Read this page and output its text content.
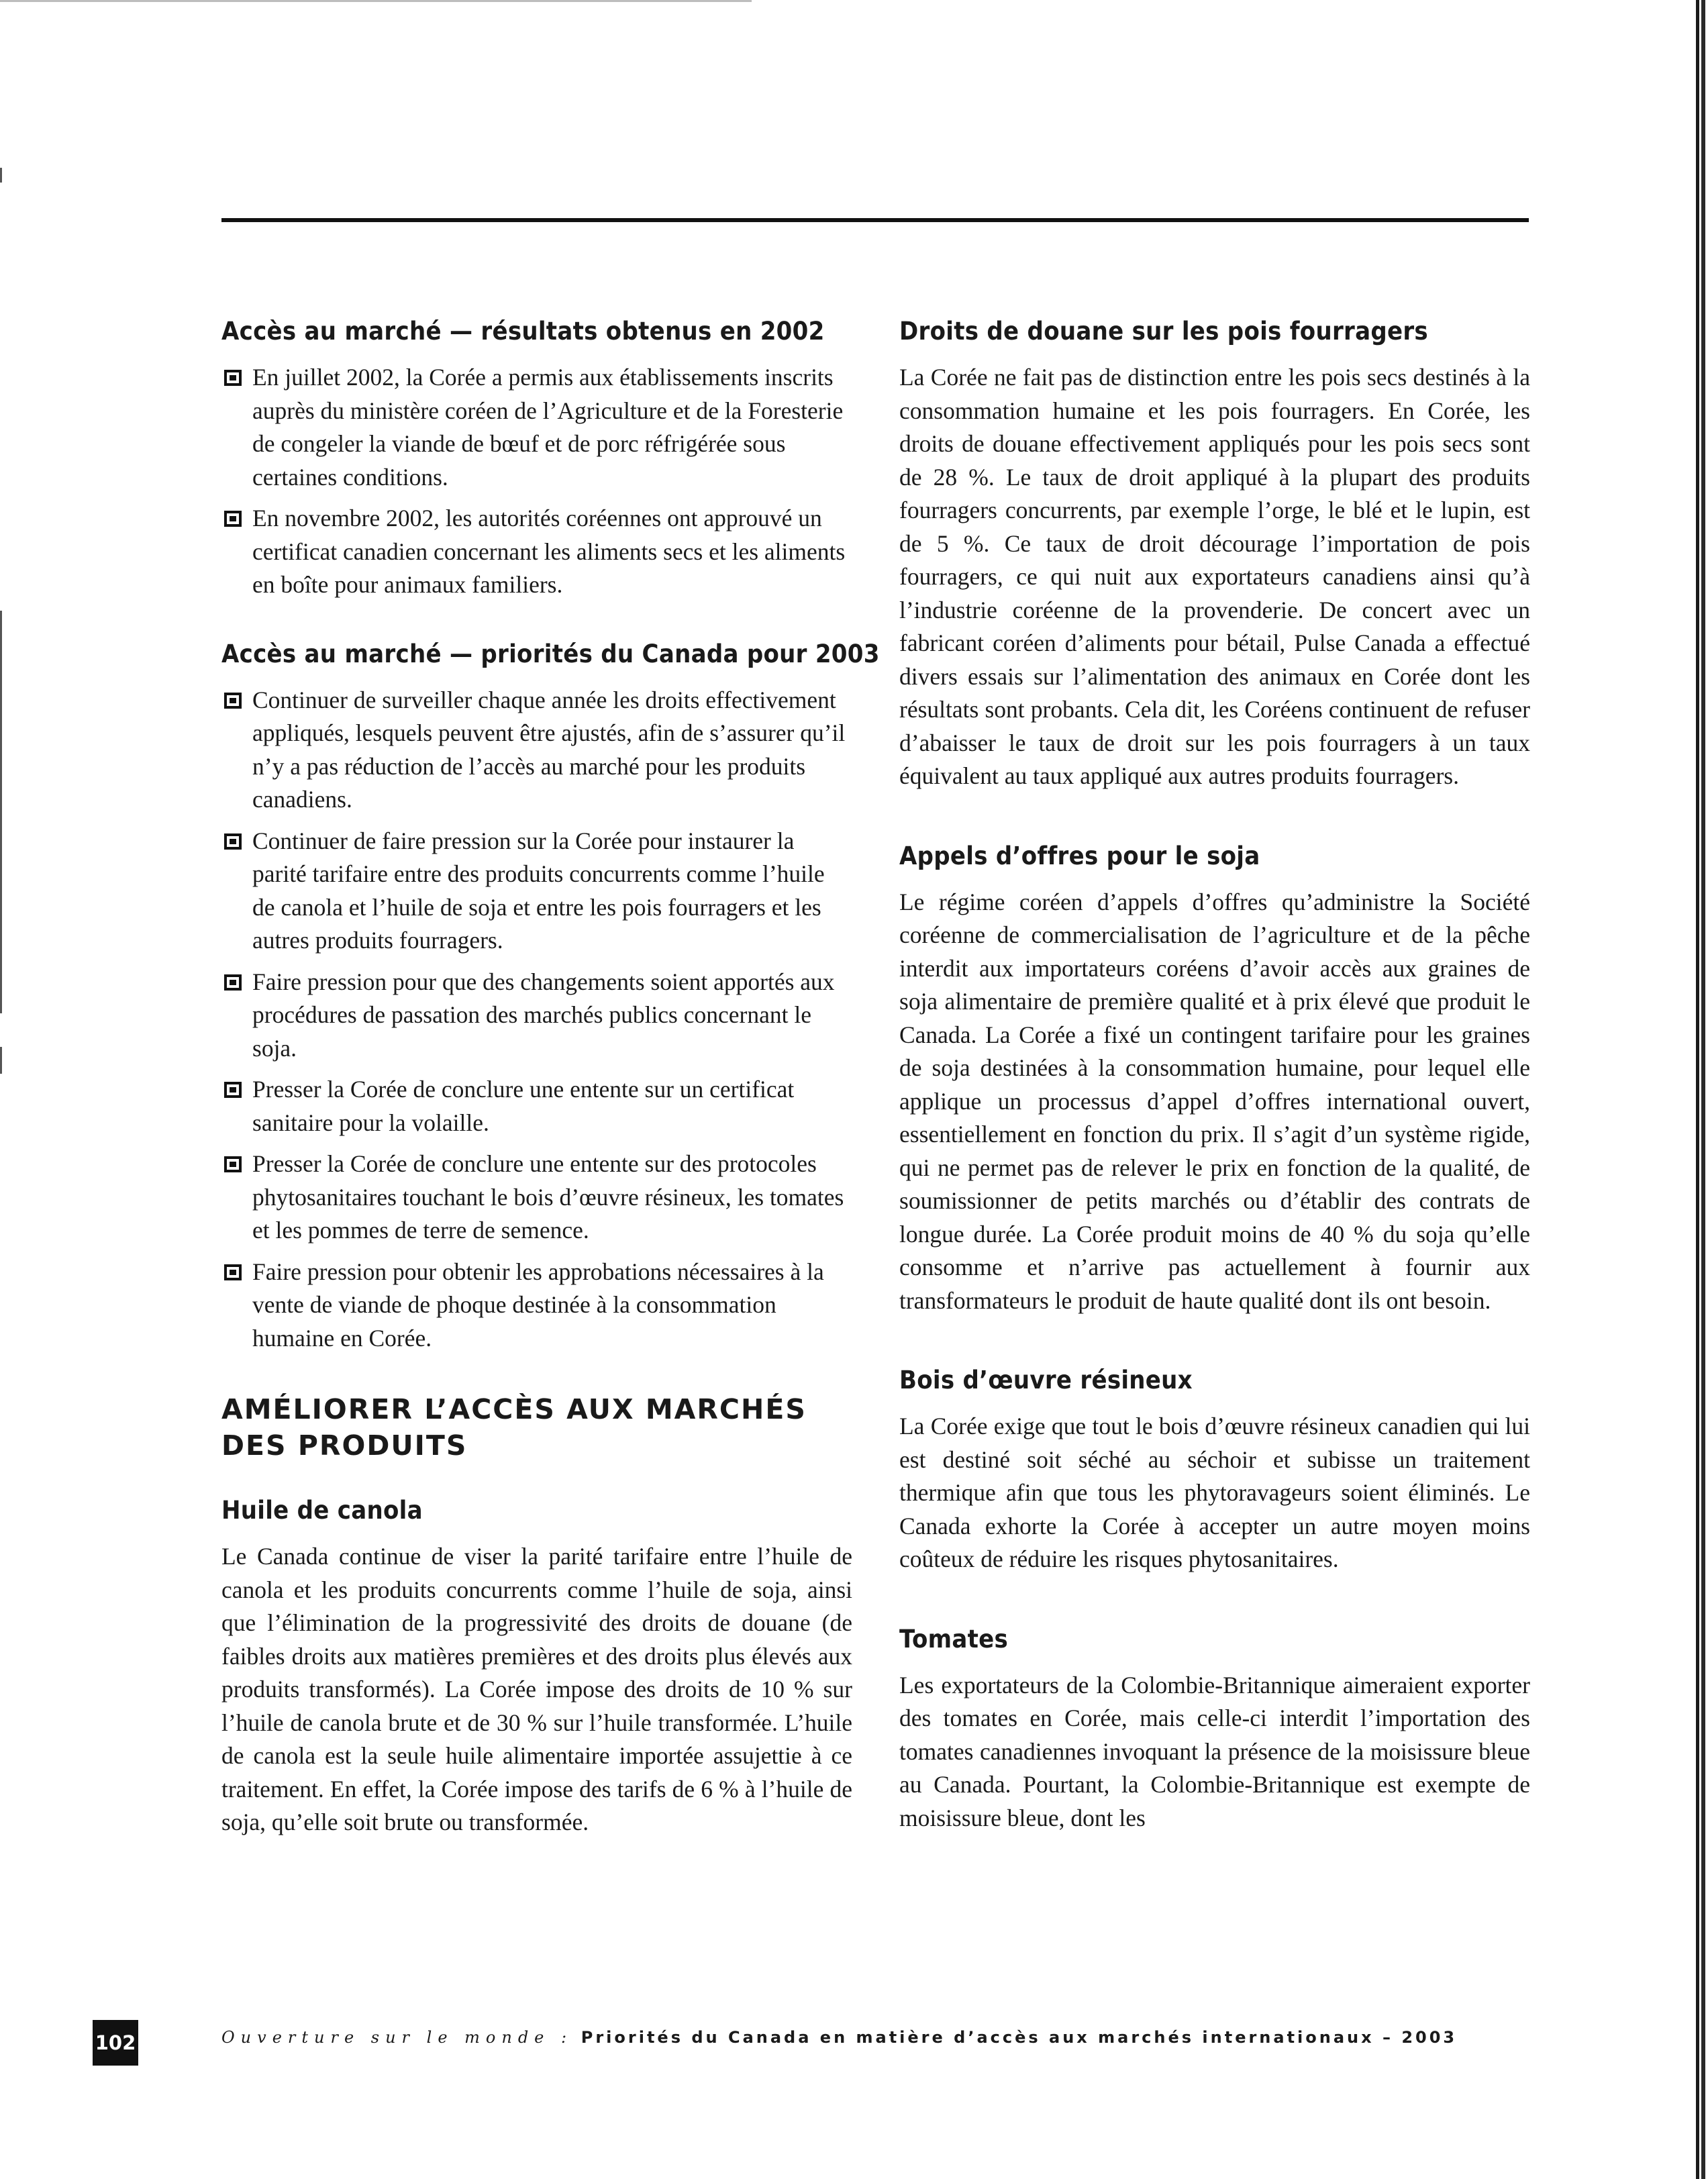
Accès au marché — résultats obtenus en 2002
En juillet 2002, la Corée a permis aux établissements inscrits auprès du ministère coréen de l’Agriculture et de la Foresterie de congeler la viande de bœuf et de porc réfrigérée sous certaines conditions.
En novembre 2002, les autorités coréennes ont approuvé un certificat canadien concernant les aliments secs et les aliments en boîte pour animaux familiers.
Accès au marché — priorités du Canada pour 2003
Continuer de surveiller chaque année les droits effectivement appliqués, lesquels peuvent être ajustés, afin de s’assurer qu’il n’y a pas réduction de l’accès au marché pour les produits canadiens.
Continuer de faire pression sur la Corée pour instaurer la parité tarifaire entre des produits concurrents comme l’huile de canola et l’huile de soja et entre les pois fourragers et les autres produits fourragers.
Faire pression pour que des changements soient apportés aux procédures de passation des marchés publics concernant le soja.
Presser la Corée de conclure une entente sur un certificat sanitaire pour la volaille.
Presser la Corée de conclure une entente sur des protocoles phytosanitaires touchant le bois d’œuvre résineux, les tomates et les pommes de terre de semence.
Faire pression pour obtenir les approbations nécessaires à la vente de viande de phoque destinée à la consommation humaine en Corée.
AMÉLIORER L’ACCÈS AUX MARCHÉS
DES PRODUITS
Huile de canola

Le Canada continue de viser la parité tarifaire entre l’huile de canola et les produits concurrents comme l’huile de soja, ainsi que l’élimination de la progressivité des droits de douane (de faibles droits aux matières premières et des droits plus élevés aux produits transformés). La Corée impose des droits de 10 % sur l’huile de canola brute et de 30 % sur l’huile transformée. L’huile de canola est la seule huile alimentaire importée assujettie à ce traitement. En effet, la Corée impose des tarifs de 6 % à l’huile de soja, qu’elle soit brute ou transformée.

Droits de douane sur les pois fourragers

La Corée ne fait pas de distinction entre les pois secs destinés à la consommation humaine et les pois fourragers. En Corée, les droits de douane effectivement appliqués pour les pois secs sont de 28 %. Le taux de droit appliqué à la plupart des produits fourragers concurrents, par exemple l’orge, le blé et le lupin, est de 5 %. Ce taux de droit décourage l’importation de pois fourragers, ce qui nuit aux exportateurs canadiens ainsi qu’à l’industrie coréenne de la provenderie. De concert avec un fabricant coréen d’aliments pour bétail, Pulse Canada a effectué divers essais sur l’alimentation des animaux en Corée dont les résultats sont probants. Cela dit, les Coréens continuent de refuser d’abaisser le taux de droit sur les pois fourragers à un taux équivalent au taux appliqué aux autres produits fourragers.

Appels d’offres pour le soja

Le régime coréen d’appels d’offres qu’administre la Société coréenne de commercialisation de l’agriculture et de la pêche interdit aux importateurs coréens d’avoir accès aux graines de soja alimentaire de première qualité et à prix élevé que produit le Canada. La Corée a fixé un contingent tarifaire pour les graines de soja destinées à la consommation humaine, pour lequel elle applique un processus d’appel d’offres international ouvert, essentiellement en fonction du prix. Il s’agit d’un système rigide, qui ne permet pas de relever le prix en fonction de la qualité, de soumissionner de petits marchés ou d’établir des contrats de longue durée. La Corée produit moins de 40 % du soja qu’elle consomme et n’arrive pas actuellement à fournir aux transformateurs le produit de haute qualité dont ils ont besoin.

Bois d’œuvre résineux

La Corée exige que tout le bois d’œuvre résineux canadien qui lui est destiné soit séché au séchoir et subisse un traitement thermique afin que tous les phytoravageurs soient éliminés. Le Canada exhorte la Corée à accepter un autre moyen moins coûteux de réduire les risques phytosanitaires.

Tomates

Les exportateurs de la Colombie-Britannique aimeraient exporter des tomates en Corée, mais celle-ci interdit l’importation des tomates canadiennes invoquant la présence de la moisissure bleue au Canada. Pourtant, la Colombie-Britannique est exempte de moisissure bleue, dont les

102	Ouverture sur le monde : Priorités du Canada en matière d’accès aux marchés internationaux – 2003
